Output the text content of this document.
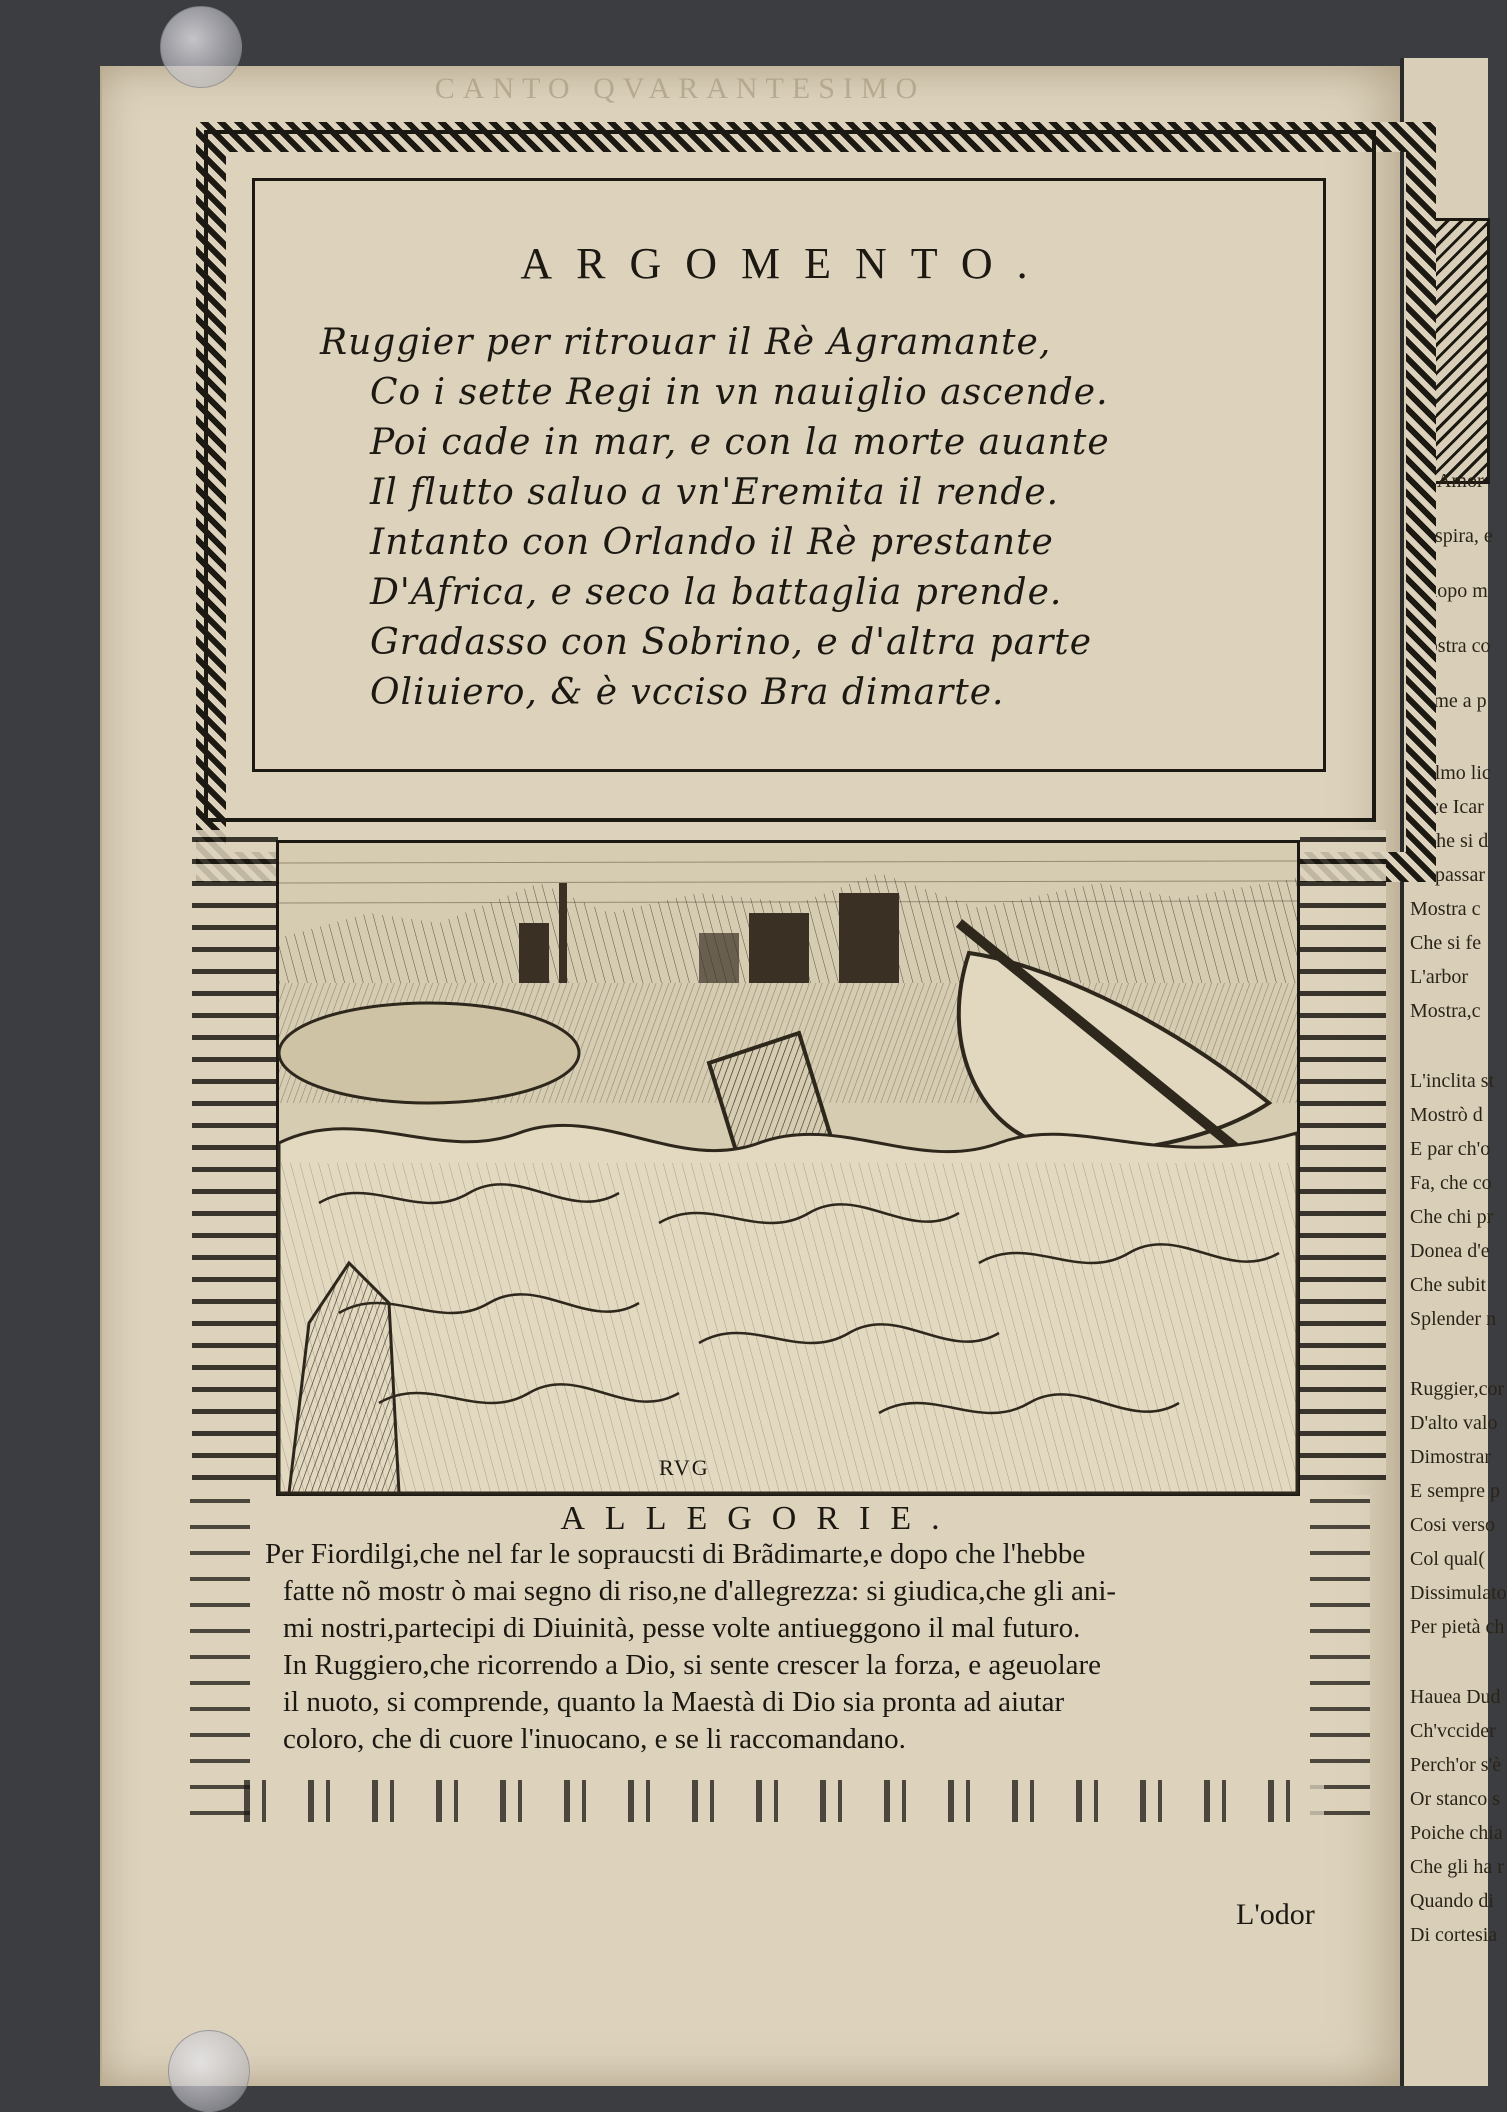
Ch'Amor
Se spira, e
E dopo m
Mostra co
Come a p
L'almo lic
Fece Icar
E che si d
Fe passar
Mostra c
Che si fe
L'arbor
Mostra,c
L'inclita st
Mostrò d
E par ch'o
Fa, che co
Che chi pr
Donea d'e
Che subit
Splender n
Ruggier,cor
D'alto valo
Dimostrar
E sempre p
Cosi verso
Col qual(
Dissimulato
Per pietà ch
Hauea Dud
Ch'vccider
Perch'or s'è
Or stanco s
Poiche chia
Che gli ha r
Quando di
Di cortesia
CANTO QVARANTESIMO
ARGOMENTO.
Ruggier per ritrouar il Rè Agramante,
Co i sette Regi in vn nauiglio ascende.
Poi cade in mar, e con la morte auante
Il flutto saluo a vn'Eremita il rende.
Intanto con Orlando il Rè prestante
D'Africa, e seco la battaglia prende.
Gradasso con Sobrino, e d'altra parte
Oliuiero, & è vcciso Bra dimarte.
RVG
ALLEGORIE.
Per Fiordilgi,che nel far le sopraucsti di Brãdimarte,e dopo che l'hebbe
fatte nõ mostr ò mai segno di riso,ne d'allegrezza: si giudica,che gli ani-
mi nostri,partecipi di Diuinità, pesse volte antiueggono il mal futuro.
In Ruggiero,che ricorrendo a Dio, si sente crescer la forza, e ageuolare
il nuoto, si comprende, quanto la Maestà di Dio sia pronta ad aiutar
coloro, che di cuore l'inuocano, e se li raccomandano.
L'odor
